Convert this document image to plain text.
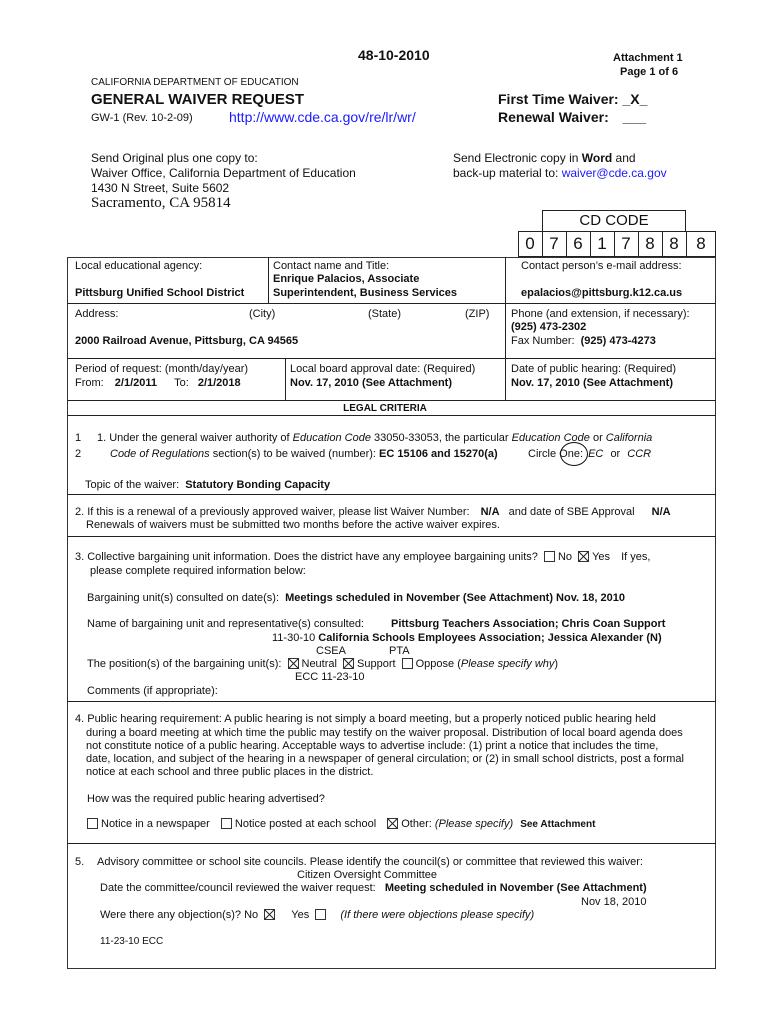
48-10-2010	Attachment 1
Page 1 of 6
CALIFORNIA DEPARTMENT OF EDUCATION
GENERAL WAIVER REQUEST
GW-1 (Rev. 10-2-09)	http://www.cde.ca.gov/re/lr/wr/
First Time Waiver: _X_
Renewal Waiver: ___
Send Original plus one copy to:
Waiver Office, California Department of Education
1430 N Street, Suite 5602
Sacramento, CA 95814
Send Electronic copy in Word and
back-up material to: waiver@cde.ca.gov
CD CODE
0 7 6 1 7 8 8	8
Local educational agency:
Pittsburg Unified School District
Contact name and Title:
Enrique Palacios, Associate
Superintendent, Business Services
Contact person’s e-mail address:
epalacios@pittsburg.k12.ca.us
Address:	(City)	(State)	(ZIP)
2000 Railroad Avenue, Pittsburg, CA 94565
Phone (and extension, if necessary):
(925) 473-2302
Fax Number: (925) 473-4273
Period of request: (month/day/year)
From: 2/1/2011 To: 2/1/2018
Local board approval date: (Required)
Nov. 17, 2010 (See Attachment)
Date of public hearing: (Required)
Nov. 17, 2010 (See Attachment)
LEGAL CRITERIA
1
2
1. Under the general waiver authority of Education Code 33050-33053, the particular Education Code or California
Code of Regulations section(s) to be waived (number): EC 15106 and 15270(a)	Circle One: EC or CCR
Topic of the waiver: Statutory Bonding Capacity
2. If this is a renewal of a previously approved waiver, please list Waiver Number: N/A and date of SBE Approval N/A
Renewals of waivers must be submitted two months before the active waiver expires.
3. Collective bargaining unit information. Does the district have any employee bargaining units? No Yes If yes,
please complete required information below:
Bargaining unit(s) consulted on date(s): Meetings scheduled in November (See Attachment) Nov. 18, 2010
Name of bargaining unit and representative(s) consulted: Pittsburg Teachers Association; Chris Coan Support
11-30-10 California Schools Employees Association; Jessica Alexander (N)
CSEA	PTA
The position(s) of the bargaining unit(s): Neutral Support Oppose (Please specify why)
ECC 11-23-10
Comments (if appropriate):
4. Public hearing requirement: A public hearing is not simply a board meeting, but a properly noticed public hearing held
during a board meeting at which time the public may testify on the waiver proposal. Distribution of local board agenda does
not constitute notice of a public hearing. Acceptable ways to advertise include: (1) print a notice that includes the time,
date, location, and subject of the hearing in a newspaper of general circulation; or (2) in small school districts, post a formal
notice at each school and three public places in the district.
How was the required public hearing advertised?
Notice in a newspaper Notice posted at each school Other: (Please specify) See Attachment
5. Advisory committee or school site councils. Please identify the council(s) or committee that reviewed this waiver:
Citizen Oversight Committee
Date the committee/council reviewed the waiver request: Meeting scheduled in November (See Attachment)
Nov 18, 2010
Were there any objection(s)? No	Yes	(If there were objections please specify)
11-23-10 ECC
